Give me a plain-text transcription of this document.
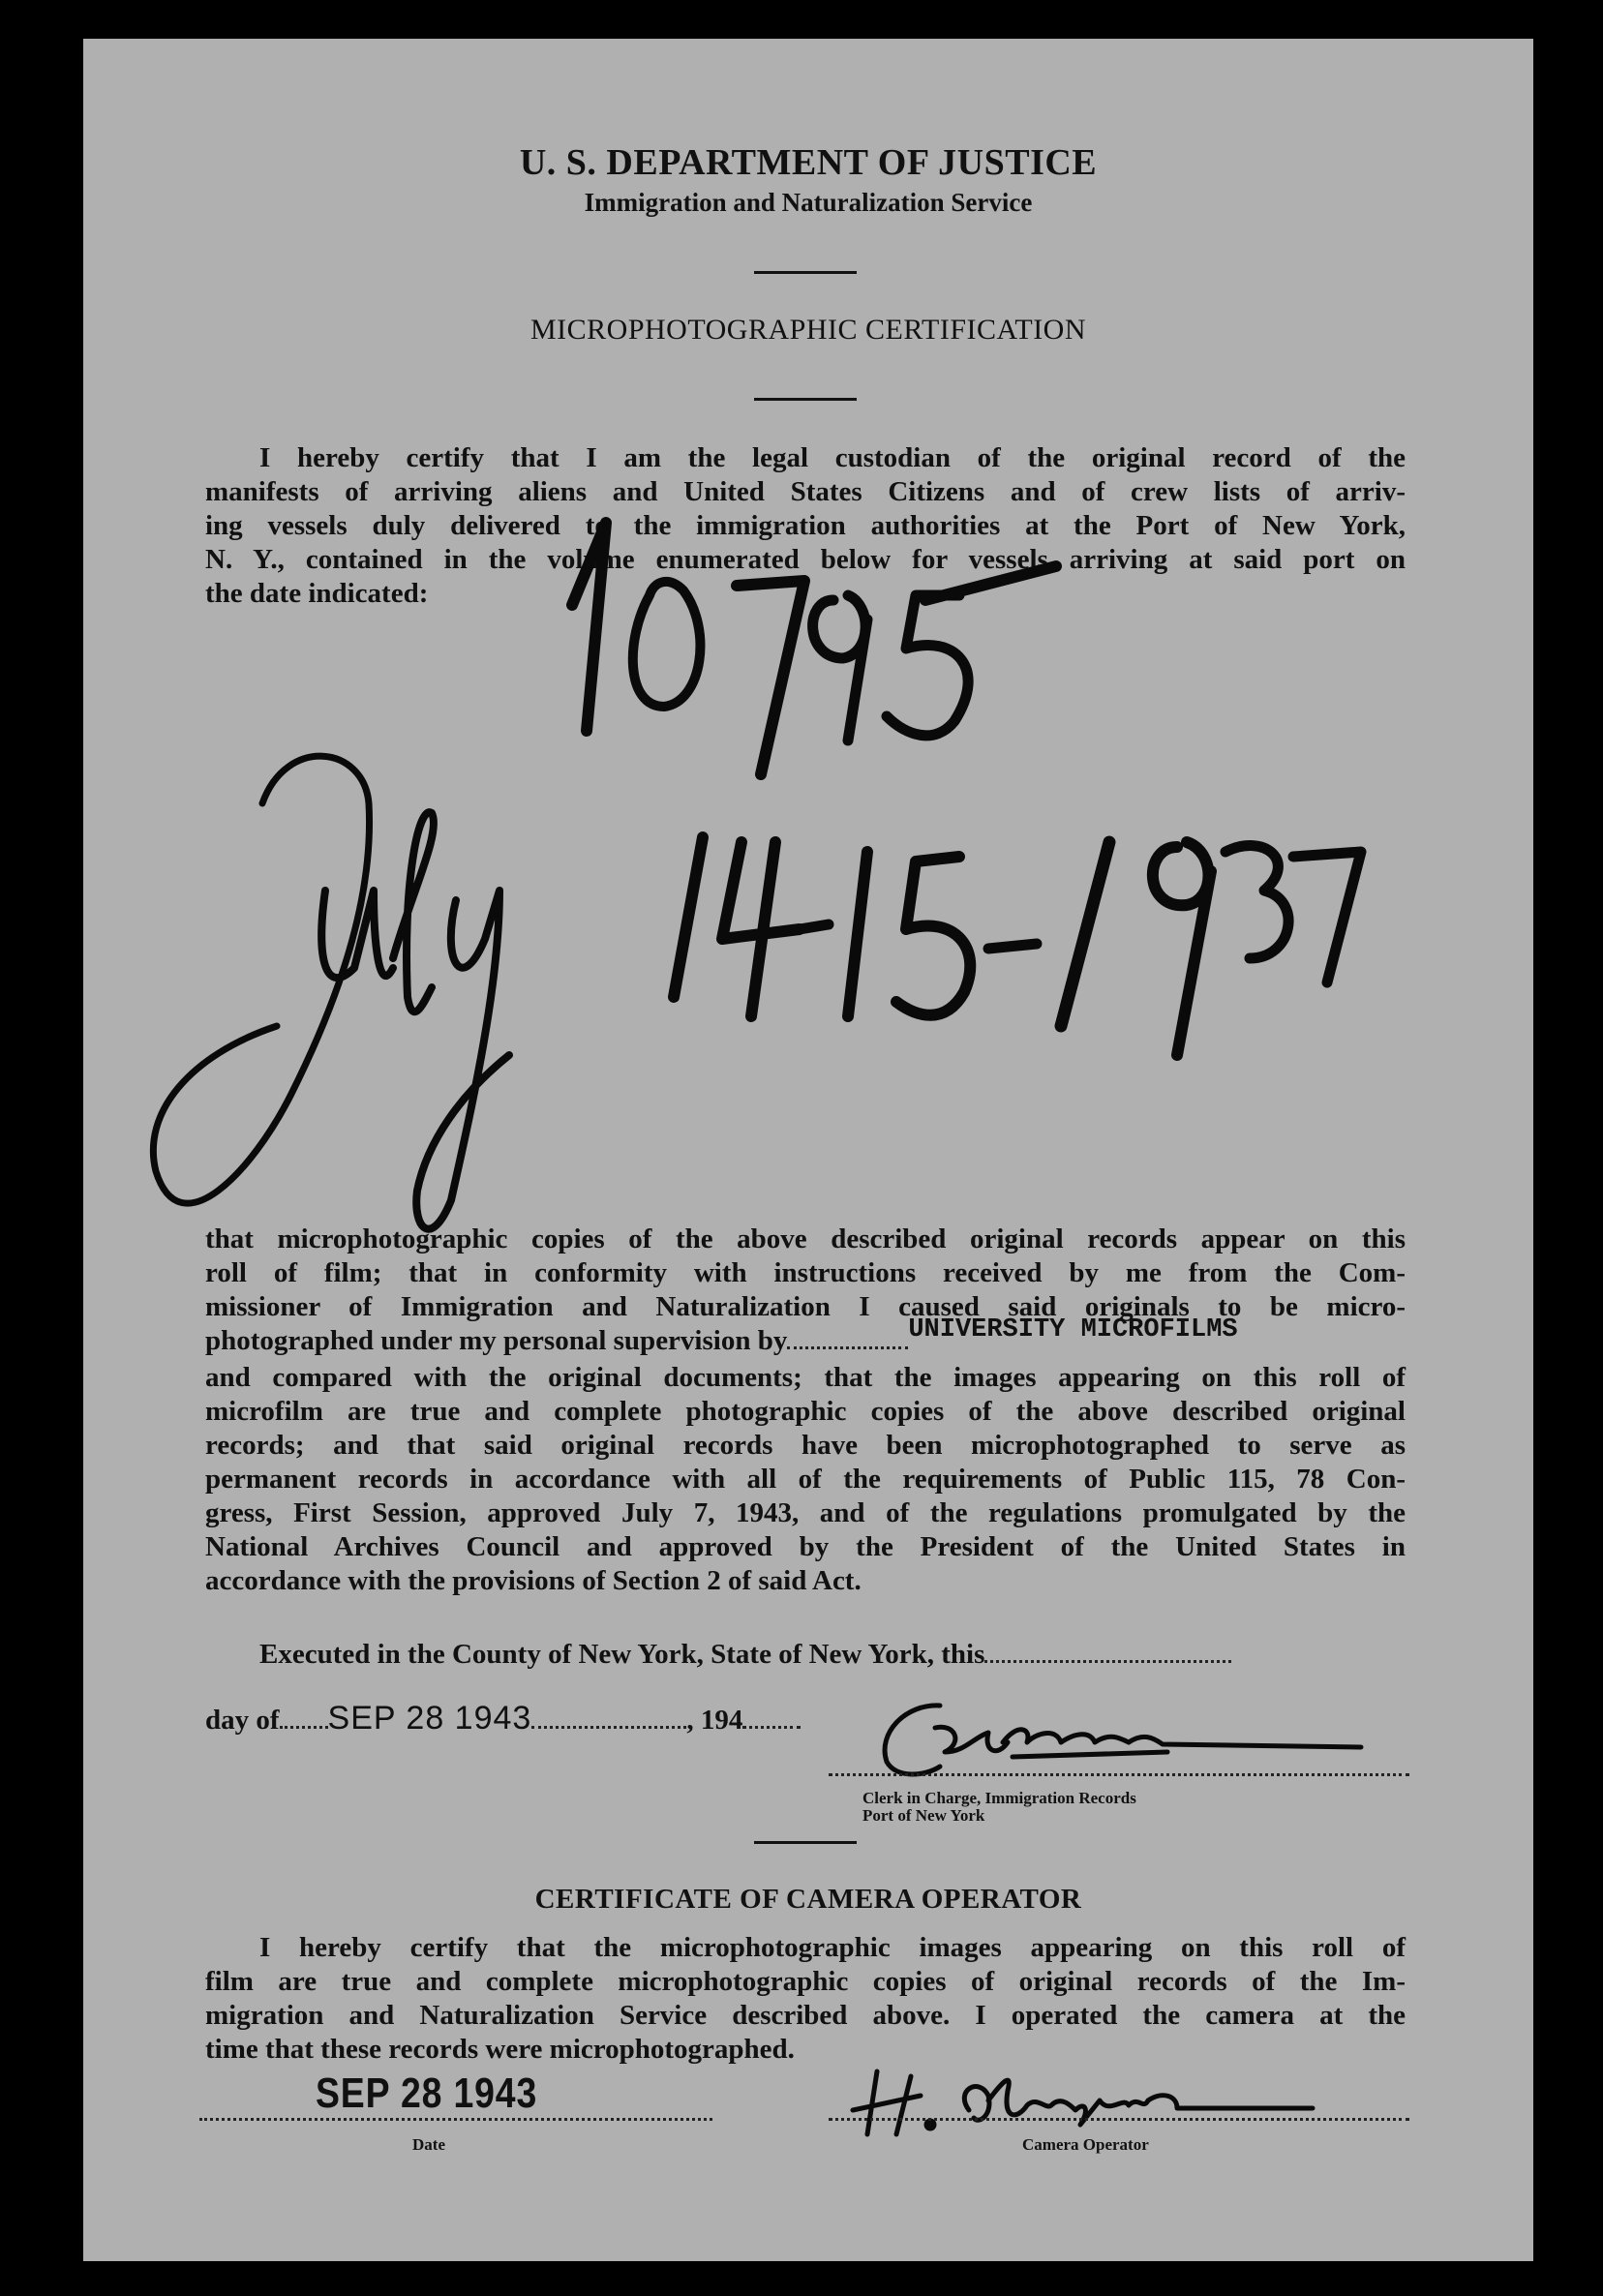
U. S. DEPARTMENT OF JUSTICE
Immigration and Naturalization Service
MICROPHOTOGRAPHIC CERTIFICATION
I hereby certify that I am the legal custodian of the original record of the
manifests of arriving aliens and United States Citizens and of crew lists of arriv-
ing vessels duly delivered to the immigration authorities at the Port of New York,
N. Y., contained in the volume enumerated below for vessels arriving at said port on
the date indicated:
that microphotographic copies of the above described original records appear on this
roll of film; that in conformity with instructions received by me from the Com-
missioner of Immigration and Naturalization I caused said originals to be micro-
photographed under my personal supervision by	UNIVERSITY MICROFILMS
and compared with the original documents; that the images appearing on this roll of
microfilm are true and complete photographic copies of the above described original
records; and that said original records have been microphotographed to serve as
permanent records in accordance with all of the requirements of Public 115, 78 Con-
gress, First Session, approved July 7, 1943, and of the regulations promulgated by the
National Archives Council and approved by the President of the United States in
accordance with the provisions of Section 2 of said Act.
Executed in the County of New York, State of New York, this
day of SEP 28 1943	, 194
Clerk in Charge, Immigration Records
Port of New York
CERTIFICATE OF CAMERA OPERATOR
I hereby certify that the microphotographic images appearing on this roll of
film are true and complete microphotographic copies of original records of the Im-
migration and Naturalization Service described above. I operated the camera at the
time that these records were microphotographed.
SEP 28 1943
Date	Camera Operator
